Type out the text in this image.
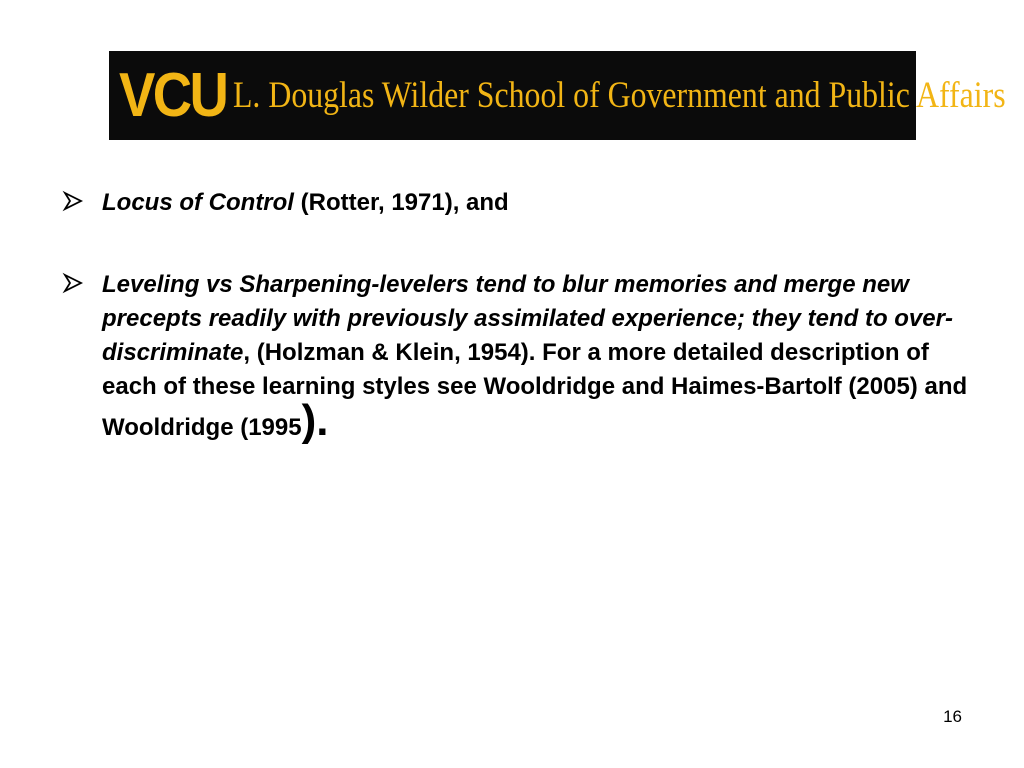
VCU L. Douglas Wilder School of Government and Public Affairs
Locus of Control (Rotter, 1971), and
Leveling vs Sharpening-levelers tend to blur memories and merge new precepts readily with previously assimilated experience; they tend to over-discriminate, (Holzman & Klein, 1954). For a more detailed description of each of these learning styles see Wooldridge and Haimes-Bartolf (2005) and Wooldridge (1995).
16
